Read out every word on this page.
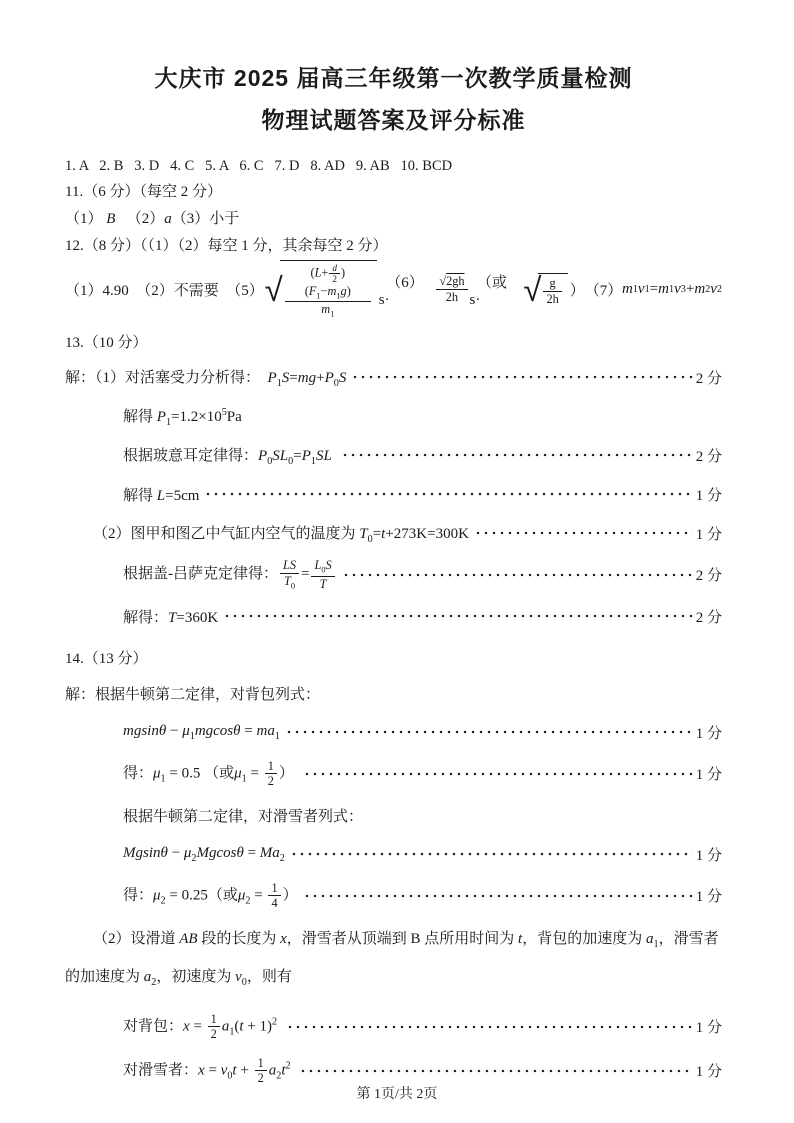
大庆市 2025 届高三年级第一次教学质量检测
物理试题答案及评分标准
1. A   2. B   3. D   4. C   5. A   6. C   7. D   8. AD   9. AB   10. BCD
11.（6 分）（每空 2 分）
（1） B   （2）a（3）小于
12.（8 分）（（1）（2）每空 1 分，其余每空 2 分）
（1）4.90　（2）不需要　（5） √ $\frac{(L+ \frac{d}{2} )(F_1-m_1g)}{m_1}$ 　（6）s·	$\frac{√2gh}{2h}$ 　（或 s· √ $\frac{g}{2h}$ ）　（7） m 1 v 1 = m 1 v 3 + m 2 v 2
13.（10 分）
解：（1）对活塞受力分析得：　$P_1S=mg+P_0S$	2 分
解得 $P_1=1.2\times 10^5Pa$
根据玻意耳定律得：$P_0SL_0=P_1SL$	2 分
解得 L=5cm	1 分
（2）图甲和图乙中气缸内空气的温度为 $T_0=t+273K=300K$	1 分
根据盖-吕萨克定律得： $\frac{LS}{T_0} = \frac{L_0S}{T}$	2 分
解得：T=360K	2 分
14.（13 分）
解：根据牛顿第二定律，对背包列式：
$mgsin\theta - \mu_1mgcos\theta = ma_1$	1 分
得：$\mu_1 = 0.5$ （或$\mu_1 = \frac{1}{2}$ ）	1 分
根据牛顿第二定律，对滑雪者列式：
$Mgsin\theta - \mu_2Mgcos\theta = Ma_2$	1 分
得：$\mu_2 = 0.25$（或$\mu_2 = \frac{1}{4}$ ）	1 分
（2）设滑道 AB 段的长度为 x，滑雪者从顶端到 B 点所用时间为 t，背包的加速度为 $a_1$，滑雪者的加速度为 $a_2$，初速度为 $v_0$，则有
对背包：$x = \frac{1}{2} a_1(t + 1)^2$	1 分
对滑雪者：$x = v_0t + \frac{1}{2} a_2t^2$	1 分
第 1页/共 2页
